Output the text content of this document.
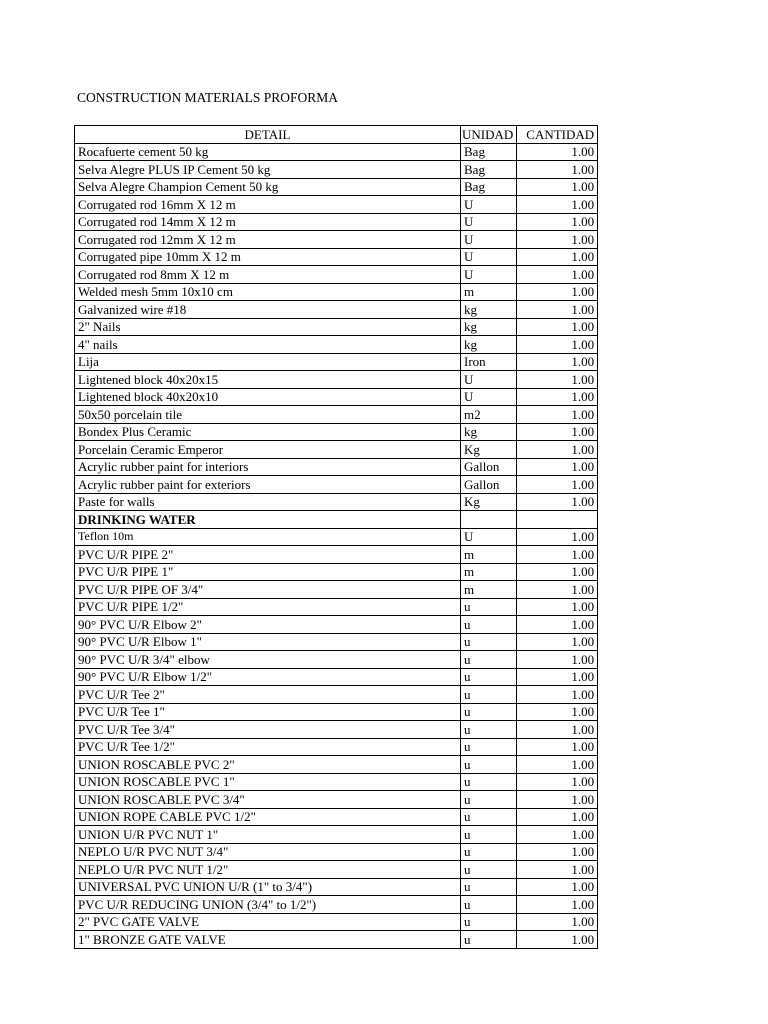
CONSTRUCTION MATERIALS PROFORMA
DETAIL	UNIDAD	CANTIDAD
Rocafuerte cement 50 kg	Bag	1.00
Selva Alegre PLUS IP Cement 50 kg	Bag	1.00
Selva Alegre Champion Cement 50 kg	Bag	1.00
Corrugated rod 16mm X 12 m	U	1.00
Corrugated rod 14mm X 12 m	U	1.00
Corrugated rod 12mm X 12 m	U	1.00
Corrugated pipe 10mm X 12 m	U	1.00
Corrugated rod 8mm X 12 m	U	1.00
Welded mesh 5mm 10x10 cm	m	1.00
Galvanized wire #18	kg	1.00
2" Nails	kg	1.00
4" nails	kg	1.00
Lija	Iron	1.00
Lightened block 40x20x15	U	1.00
Lightened block 40x20x10	U	1.00
50x50 porcelain tile	m2	1.00
Bondex Plus Ceramic	kg	1.00
Porcelain Ceramic Emperor	Kg	1.00
Acrylic rubber paint for interiors	Gallon	1.00
Acrylic rubber paint for exteriors	Gallon	1.00
Paste for walls	Kg	1.00
DRINKING WATER		
Teflon 10m	U	1.00
PVC U/R PIPE 2"	m	1.00
PVC U/R PIPE 1"	m	1.00
PVC U/R PIPE OF 3/4"	m	1.00
PVC U/R PIPE 1/2"	u	1.00
90° PVC U/R Elbow 2"	u	1.00
90° PVC U/R Elbow 1"	u	1.00
90° PVC U/R 3/4" elbow	u	1.00
90° PVC U/R Elbow 1/2"	u	1.00
PVC U/R Tee 2"	u	1.00
PVC U/R Tee 1"	u	1.00
PVC U/R Tee 3/4"	u	1.00
PVC U/R Tee 1/2"	u	1.00
UNION ROSCABLE PVC 2"	u	1.00
UNION ROSCABLE PVC 1"	u	1.00
UNION ROSCABLE PVC 3/4"	u	1.00
UNION ROPE CABLE PVC 1/2"	u	1.00
UNION U/R PVC NUT 1"	u	1.00
NEPLO U/R PVC NUT 3/4"	u	1.00
NEPLO U/R PVC NUT 1/2"	u	1.00
UNIVERSAL PVC UNION U/R (1" to 3/4")	u	1.00
PVC U/R REDUCING UNION (3/4" to 1/2")	u	1.00
2" PVC GATE VALVE	u	1.00
1" BRONZE GATE VALVE	u	1.00
